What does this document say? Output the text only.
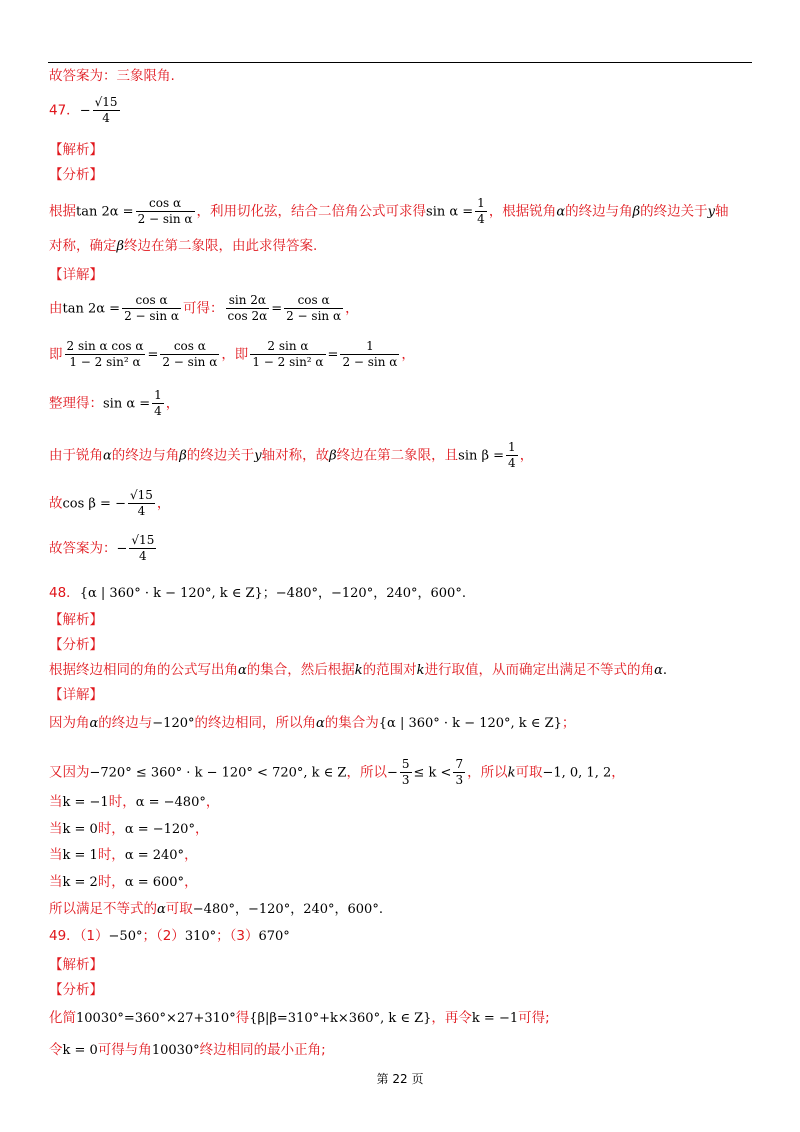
故答案为：三象限角.
47．− $\frac{√15}{4}$
【解析】
【分析】
根据$\tan 2\alpha = \frac{\text{cos α}}{\text{2 − sin α}}$ ，利用切化弦，结合二倍角公式可求得$\sin \alpha = \frac{1}{4}$ ，根据锐角α的终边与角β的终边关于y轴
对称，确定β终边在第二象限，由此求得答案.
【详解】
由$\tan 2\alpha = \frac{\text{cos α}}{\text{2 − sin α}}$ 可得： $\frac{\sin 2\alpha}{\cos 2\alpha} = \frac{\text{cos α}}{\text{2 − sin α}}$ ，
即 $\frac{\text{2 sin α cos α}}{\text{1 − 2 sin² α}} = \frac{\text{cos α}}{\text{2 − sin α}}$ ，即 $\frac{\text{2 sin α}}{\text{1 − 2 sin² α}} = \frac{1}{\text{2 − sin α}}$ ，
整理得：$\sin \alpha = \frac{1}{4}$ ，
由于锐角α的终边与角β的终边关于y轴对称，故β终边在第二象限，且$\sin \beta = \frac{1}{4}$ ，
故cos β = − $\frac{√15}{4}$ ，
故答案为：− $\frac{√15}{4}$
48．{α | 360° · k − 120°, k ∈ Z}；−480°，−120°，240°，600°.
【解析】
【分析】
根据终边相同的角的公式写出角α的集合，然后根据k的范围对k进行取值，从而确定出满足不等式的角α.
【详解】
因为角α的终边与−120°的终边相同，所以角α的集合为{α | 360° · k − 120°, k ∈ Z}；
又因为−720° ≤ 360° · k − 120° < 720°, k ∈ Z，所以− $\frac{5}{3} \le k < \frac{7}{3}$ ，所以k可取−1, 0, 1, 2，
当k = −1时，α = −480°，
当k = 0时，α = −120°，
当k = 1时，α = 240°，
当k = 2时，α = 600°，
所以满足不等式的α可取−480°，−120°，240°，600°.
49．（1）−50°；（2）310°；（3）670°
【解析】
【分析】
化简10030°=360°×27+310°得{β|β=310°+k×360°, k ∈ Z}，再令k = −1可得;
令k = 0可得与角10030°终边相同的最小正角;
第 22 页
